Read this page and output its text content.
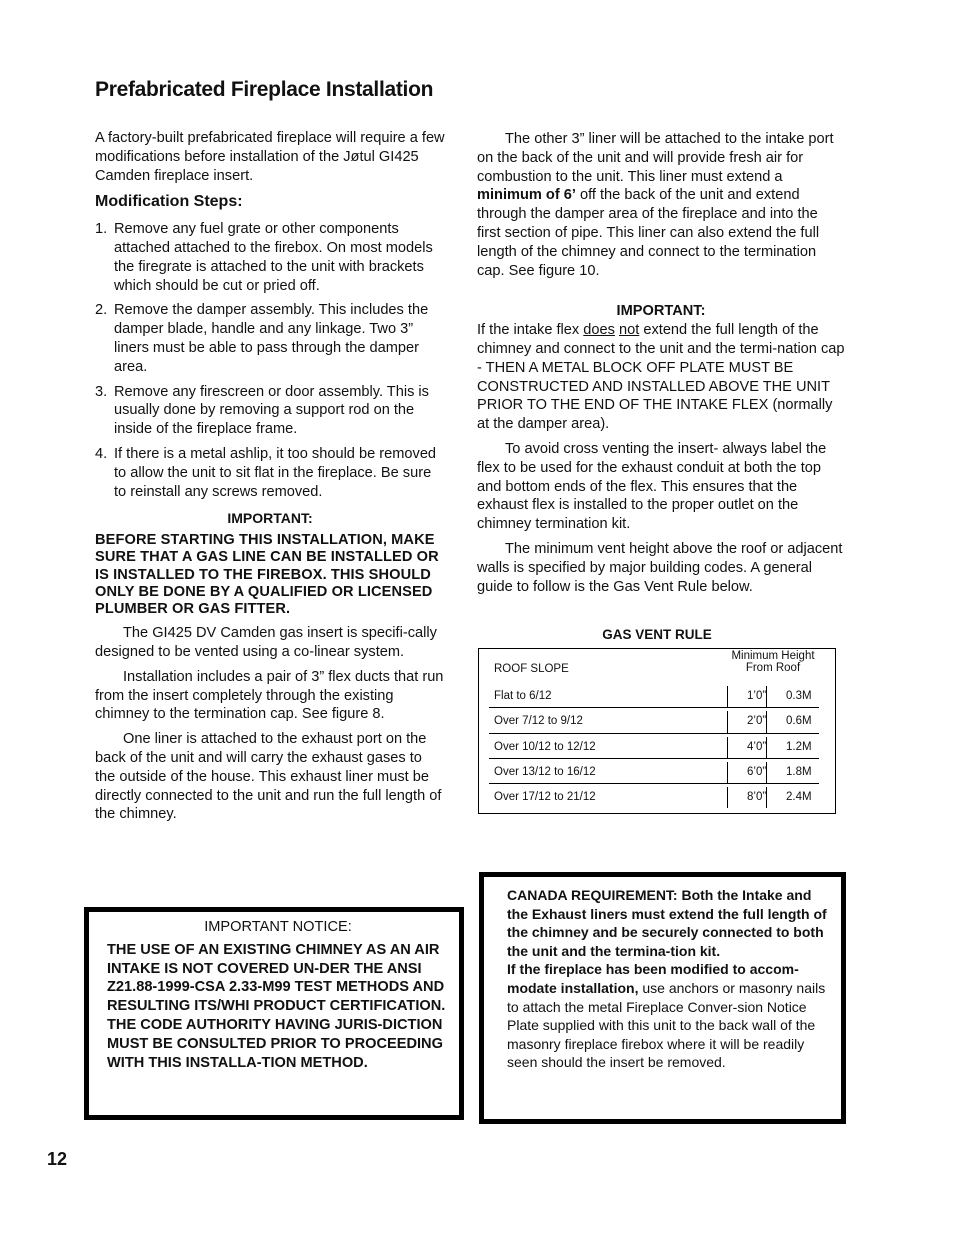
Prefabricated Fireplace Installation

A factory-built prefabricated fireplace will require a few modifications before installation of the Jøtul GI425 Camden fireplace insert.

Modification Steps:
1. Remove any fuel grate or other components attached attached to the firebox. On most models the firegrate is attached to the unit with brackets which should be cut or pried off.
2. Remove the damper assembly. This includes the damper blade, handle and any linkage. Two 3” liners must be able to pass through the damper area.
3. Remove any firescreen or door assembly. This is usually done by removing a support rod on the inside of the fireplace frame.
4. If there is a metal ashlip, it too should be removed to allow the unit to sit flat in the fireplace. Be sure to reinstall any screws removed.
IMPORTANT:
BEFORE STARTING THIS INSTALLATION, MAKE SURE THAT A GAS LINE CAN BE INSTALLED OR IS INSTALLED TO THE FIREBOX. THIS SHOULD ONLY BE DONE BY A QUALIFIED OR LICENSED PLUMBER OR GAS FITTER.

The GI425 DV Camden gas insert is specifi-cally designed to be vented using a co-linear system.

Installation includes a pair of 3” flex ducts that run from the insert completely through the existing chimney to the termination cap. See figure 8.

One liner is attached to the exhaust port on the back of the unit and will carry the exhaust gases to the outside of the house. This exhaust liner must be directly connected to the unit and run the full length of the chimney.

IMPORTANT NOTICE:
THE USE OF AN EXISTING CHIMNEY AS AN AIR INTAKE IS NOT COVERED UN-DER THE ANSI Z21.88-1999-CSA 2.33-M99 TEST METHODS AND RESULTING ITS/WHI PRODUCT CERTIFICATION. THE CODE AUTHORITY HAVING JURIS-DICTION MUST BE CONSULTED PRIOR TO PROCEEDING WITH THIS INSTALLA-TION METHOD.

The other 3” liner will be attached to the intake port on the back of the unit and will provide fresh air for combustion to the unit. This liner must extend a minimum of 6’ off the back of the unit and extend through the damper area of the fireplace and into the first section of pipe. This liner can also extend the full length of the chimney and connect to the termination cap. See figure 10.

IMPORTANT:

If the intake flex does not extend the full length of the chimney and connect to the unit and the termi-nation cap - THEN A METAL BLOCK OFF PLATE MUST BE CONSTRUCTED AND INSTALLED ABOVE THE UNIT PRIOR TO THE END OF THE INTAKE FLEX (normally at the damper area).

To avoid cross venting the insert- always label the flex to be used for the exhaust conduit at both the top and bottom ends of the flex. This ensures that the exhaust flex is installed to the proper outlet on the chimney termination kit.

The minimum vent height above the roof or adjacent walls is specified by major building codes. A general guide to follow is the Gas Vent Rule below.

GAS VENT RULE
ROOF SLOPE
Minimum Height From Roof
Flat to 6/12	1’0” 0.3M
Over 7/12 to 9/12	2’0” 0.6M
Over 10/12 to 12/12	4’0” 1.2M
Over 13/12 to 16/12	6’0” 1.8M
Over 17/12 to 21/12	8’0” 2.4M
CANADA REQUIREMENT: Both the Intake and the Exhaust liners must extend the full length of the chimney and be securely connected to both the unit and the termina-tion kit.
If the fireplace has been modified to accom-modate installation, use anchors or masonry nails to attach the metal Fireplace Conver-sion Notice Plate supplied with this unit to the back wall of the masonry fireplace firebox where it will be readily seen should the insert be removed.
12
